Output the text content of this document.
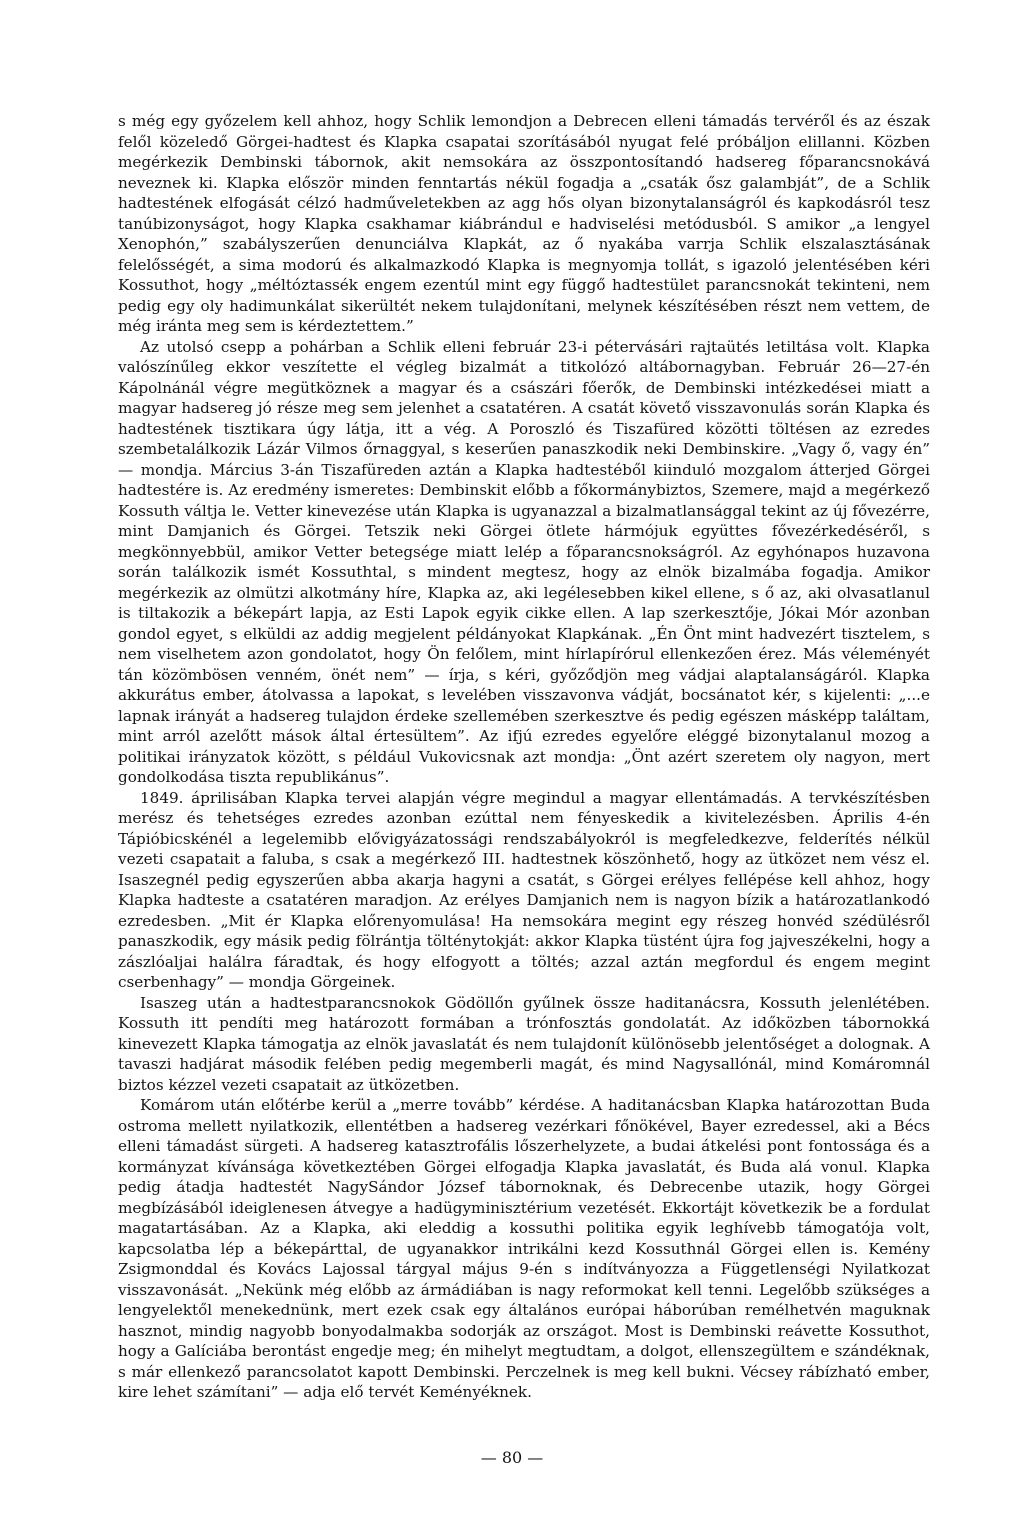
s még egy győzelem kell ahhoz, hogy Schlik lemondjon a Debrecen elleni támadás tervéről és az észak felől közeledő Görgei-hadtest és Klapka csapatai szorításából nyugat felé próbáljon elillanni. Közben megérkezik Dembinski tábornok, akit nemsokára az összpontosítandó hadsereg főparancsnokává neveznek ki. Klapka először minden fenntartás nékül fogadja a „csaták ősz galambját”, de a Schlik hadtestének elfogását célzó hadműveletekben az agg hős olyan bizonytalanságról és kapkodásról tesz tanúbizonyságot, hogy Klapka csakhamar kiábrándul e hadviselési metódusból. S amikor „a lengyel Xenophón,” szabályszerűen denunciálva Klapkát, az ő nyakába varrja Schlik elszalasztásának felelősségét, a sima modorú és alkalmazkodó Klapka is megnyomja tollát, s igazoló jelentésében kéri Kossuthot, hogy „méltóztassék engem ezentúl mint egy függő hadtestület parancsnokát tekinteni, nem pedig egy oly hadimunkálat sikerültét nekem tulajdonítani, melynek készítésében részt nem vettem, de még iránta meg sem is kérdeztettem.”

Az utolsó csepp a pohárban a Schlik elleni február 23-i pétervásári rajtaütés letiltása volt. Klapka valószínűleg ekkor veszítette el végleg bizalmát a titkolózó altábornagyban. Február 26—27-én Kápolnánál végre megütköznek a magyar és a császári főerők, de Dembinski intézkedései miatt a magyar hadsereg jó része meg sem jelenhet a csatatéren. A csatát követő visszavonulás során Klapka és hadtestének tisztikara úgy látja, itt a vég. A Poroszló és Tiszafüred közötti töltésen az ezredes szembetalálkozik Lázár Vilmos őrnaggyal, s keserűen panaszkodik neki Dembinskire. „Vagy ő, vagy én” — mondja. Március 3-án Tiszafüreden aztán a Klapka hadtestéből kiinduló mozgalom átterjed Görgei hadtestére is. Az eredmény ismeretes: Dembinskit előbb a főkormánybiztos, Szemere, majd a megérkező Kossuth váltja le. Vetter kinevezése után Klapka is ugyanazzal a bizalmatlansággal tekint az új fővezérre, mint Damjanich és Görgei. Tetszik neki Görgei ötlete hármójuk együttes fővezérkedéséről, s megkönnyebbül, amikor Vetter betegsége miatt lelép a főparancsnokságról. Az egyhónapos huzavona során találkozik ismét Kossuthtal, s mindent megtesz, hogy az elnök bizalmába fogadja. Amikor megérkezik az olmützi alkotmány híre, Klapka az, aki legélesebben kikel ellene, s ő az, aki olvasatlanul is tiltakozik a békepárt lapja, az Esti Lapok egyik cikke ellen. A lap szerkesztője, Jókai Mór azonban gondol egyet, s elküldi az addig megjelent példányokat Klapkának. „Én Önt mint hadvezért tisztelem, s nem viselhetem azon gondolatot, hogy Ön felőlem, mint hírlapírórul ellenkezően érez. Más véleményét tán közömbösen venném, önét nem” — írja, s kéri, győződjön meg vádjai alaptalanságáról. Klapka akkurátus ember, átolvassa a lapokat, s levelében visszavonva vádját, bocsánatot kér, s kijelenti: „...e lapnak irányát a hadsereg tulajdon érdeke szellemében szerkesztve és pedig egészen másképp találtam, mint arról azelőtt mások által értesültem”. Az ifjú ezredes egyelőre eléggé bizonytalanul mozog a politikai irányzatok között, s például Vukovicsnak azt mondja: „Önt azért szeretem oly nagyon, mert gondolkodása tiszta republikánus”.

1849. áprilisában Klapka tervei alapján végre megindul a magyar ellentámadás. A tervkészítésben merész és tehetséges ezredes azonban ezúttal nem fényeskedik a kivitelezésben. Április 4-én Tápióbicskénél a legelemibb elővigyázatossági rendszabályokról is megfeledkezve, felderítés nélkül vezeti csapatait a faluba, s csak a megérkező III. hadtestnek köszönhető, hogy az ütközet nem vész el. Isaszegnél pedig egyszerűen abba akarja hagyni a csatát, s Görgei erélyes fellépése kell ahhoz, hogy Klapka hadteste a csatatéren maradjon. Az erélyes Damjanich nem is nagyon bízik a határozatlankodó ezredesben. „Mit ér Klapka előrenyomulása! Ha nemsokára megint egy részeg honvéd szédülésről panaszkodik, egy másik pedig fölrántja tölténytokját: akkor Klapka tüstént újra fog jajveszékelni, hogy a zászlóaljai halálra fáradtak, és hogy elfogyott a töltés; azzal aztán megfordul és engem megint cserbenhagy” — mondja Görgeinek.

Isaszeg után a hadtestparancsnokok Gödöllőn gyűlnek össze haditanácsra, Kossuth jelenlétében. Kossuth itt pendíti meg határozott formában a trónfosztás gondolatát. Az időközben tábornokká kinevezett Klapka támogatja az elnök javaslatát és nem tulajdonít különösebb jelentőséget a dolognak. A tavaszi hadjárat második felében pedig megemberli magát, és mind Nagysallónál, mind Komáromnál biztos kézzel vezeti csapatait az ütközetben.

Komárom után előtérbe kerül a „merre tovább” kérdése. A haditanácsban Klapka határozottan Buda ostroma mellett nyilatkozik, ellentétben a hadsereg vezérkari főnökével, Bayer ezredessel, aki a Bécs elleni támadást sürgeti. A hadsereg katasztrofális lőszerhelyzete, a budai átkelési pont fontossága és a kormányzat kívánsága következtében Görgei elfogadja Klapka javaslatát, és Buda alá vonul. Klapka pedig átadja hadtestét NagySándor József tábornoknak, és Debrecenbe utazik, hogy Görgei megbízásából ideiglenesen átvegye a hadügyminisztérium vezetését. Ekkortájt következik be a fordulat magatartásában. Az a Klapka, aki eleddig a kossuthi politika egyik leghívebb támogatója volt, kapcsolatba lép a békepárttal, de ugyanakkor intrikálni kezd Kossuthnál Görgei ellen is. Kemény Zsigmonddal és Kovács Lajossal tárgyal május 9-én s indítványozza a Függetlenségi Nyilatkozat visszavonását. „Nekünk még előbb az ármádiában is nagy reformokat kell tenni. Legelőbb szükséges a lengyelektől menekednünk, mert ezek csak egy általános európai háborúban remélhetvén maguknak hasznot, mindig nagyobb bonyodalmakba sodorják az országot. Most is Dembinski reávette Kossuthot, hogy a Galíciába berontást engedje meg; én mihelyt megtudtam, a dolgot, ellenszegültem e szándéknak, s már ellenkező parancsolatot kapott Dembinski. Perczelnek is meg kell bukni. Vécsey rábízható ember, kire lehet számítani” — adja elő tervét Keményéknek.

— 80 —
